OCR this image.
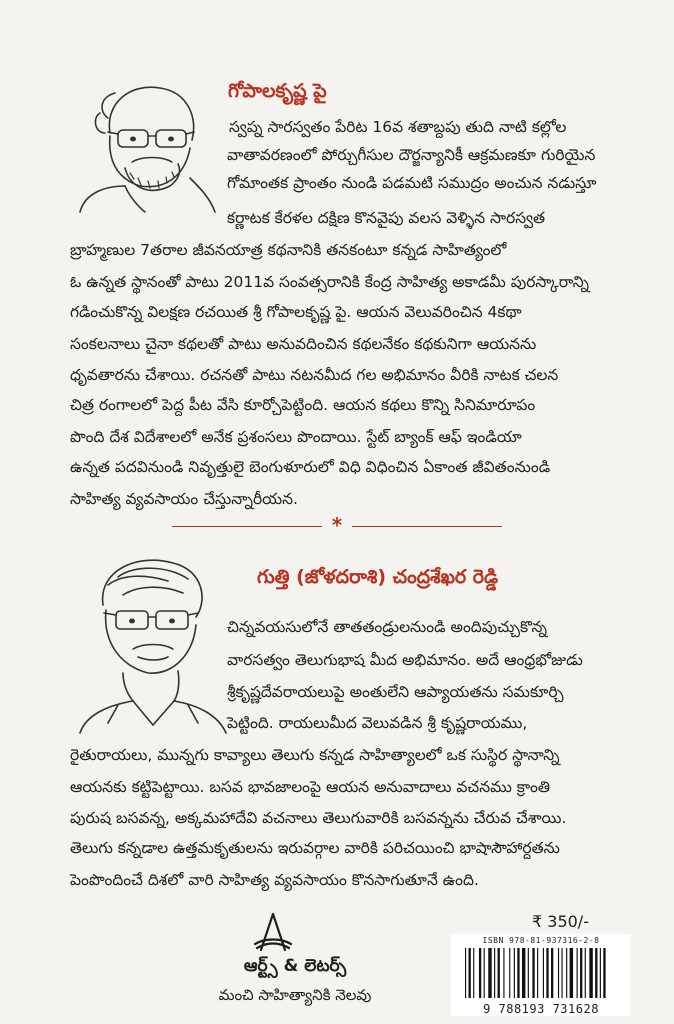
గోపాలకృష్ణ పై
స్వప్న సారస్వతం పేరిట 16వ శతాబ్దపు తుది నాటి కల్లోల
వాతావరణంలో పోర్చుగీసుల దౌర్జన్యానికీ ఆక్రమణకూ గురియైన
గోమాంతక ప్రాంతం నుండి పడమటి సముద్రం అంచున నడుస్తూ
కర్ణాటక కేరళల దక్షిణ కొనవైపు వలస వెళ్ళిన సారస్వత
బ్రాహ్మణుల 7తరాల జీవనయాత్ర కథనానికి తనకంటూ కన్నడ సాహిత్యంలో
ఓ ఉన్నత స్థానంతో పాటు 2011వ సంవత్సరానికి కేంద్ర సాహిత్య అకాడమీ పురస్కారాన్ని
గడించుకొన్న విలక్షణ రచయిత శ్రీ గోపాలకృష్ణ పై. ఆయన వెలువరించిన 4కథా
సంకలనాలు చైనా కథలతో పాటు అనువదించిన కథలనేకం కథకునిగా ఆయనను
ధృవతారను చేశాయి. రచనతో పాటు నటనమీద గల అభిమానం వీరికి నాటక చలన
చిత్ర రంగాలలో పెద్ద పీట వేసి కూర్చోపెట్టింది. ఆయన కథలు కొన్ని సినిమారూపం
పొంది దేశ విదేశాలలో అనేక ప్రశంసలు పొందాయి. స్టేట్ బ్యాంక్ ఆఫ్ ఇండియా
ఉన్నత పదవినుండి నివృత్తులై బెంగుళూరులో విధి విధించిన ఏకాంత జీవితంనుండి
సాహిత్య వ్యవసాయం చేస్తున్నారీయన.
*
గుత్తి (జోళదరాశి) చంద్రశేఖర రెడ్డి
చిన్నవయసులోనే తాతతండ్రులనుండి అందిపుచ్చుకొన్న
వారసత్వం తెలుగుభాష మీద అభిమానం. అదే ఆంధ్రభోజుడు
శ్రీకృష్ణదేవరాయలుపై అంతులేని ఆప్యాయతను సమకూర్చి
పెట్టింది. రాయలుమీద వెలువడిన శ్రీ కృష్ణరాయము,
రైతురాయలు, మున్నగు కావ్యాలు తెలుగు కన్నడ సాహిత్యాలలో ఒక సుస్థిర స్థానాన్ని
ఆయనకు కట్టిపెట్టాయి. బసవ భావజాలంపై ఆయన అనువాదాలు వచనము క్రాంతి
పురుష బసవన్న, అక్కమహాదేవి వచనాలు తెలుగువారికి బసవన్నను చేరువ చేశాయి.
తెలుగు కన్నడాల ఉత్తమకృతులను ఇరువర్గాల వారికి పరిచయించి భాషాసౌహార్దతను
పెంపొందించే దిశలో వారి సాహిత్య వ్యవసాయం కొనసాగుతూనే ఉంది.
ఆర్ట్స్ & లెటర్స్
మంచి సాహిత్యానికి నెలవు
₹ 350/-
ISBN 978-81-937316-2-8
9 788193 731628
